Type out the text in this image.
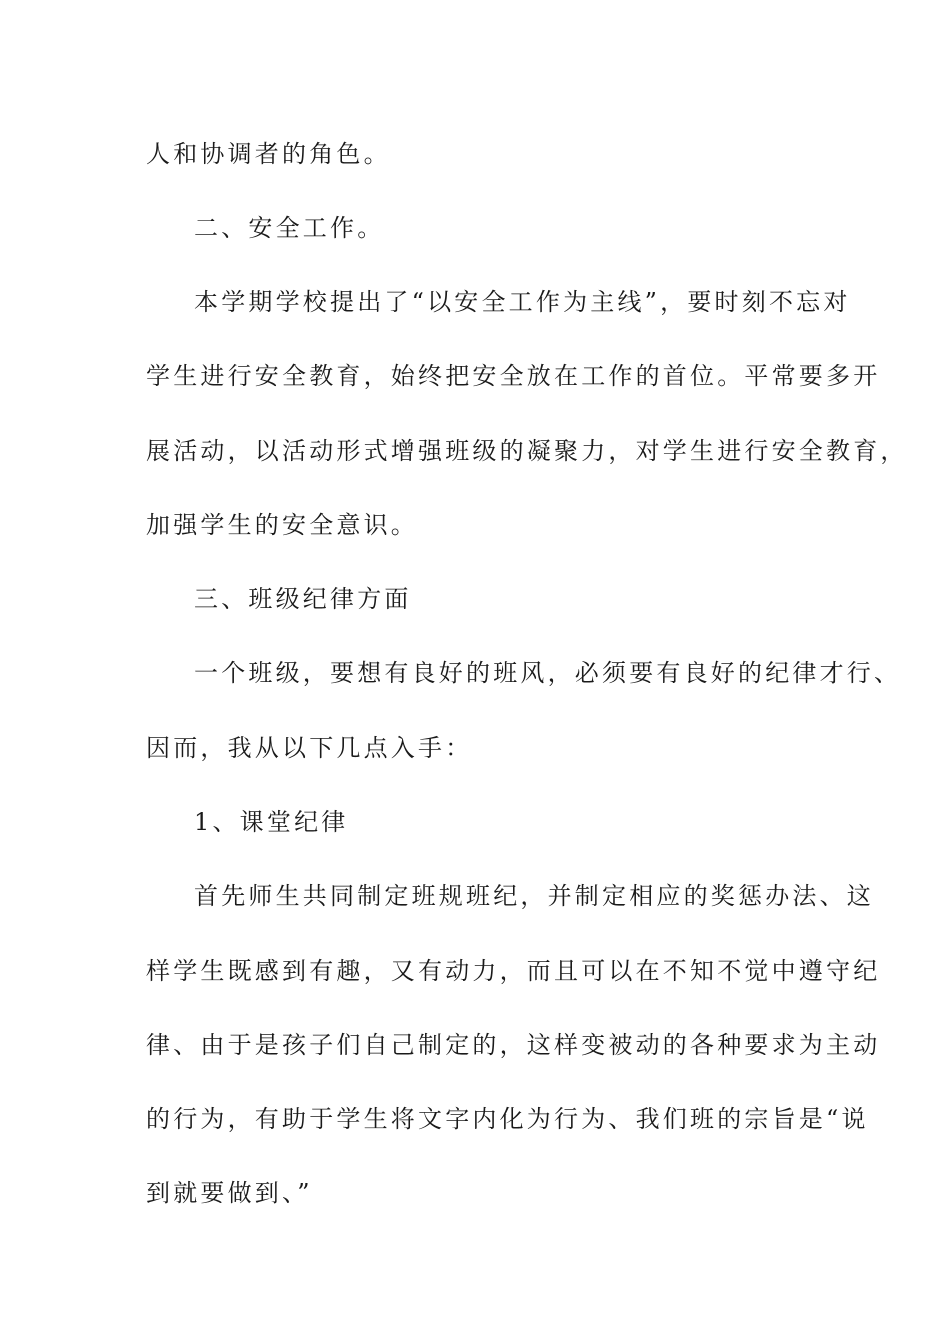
人和协调者的角色。
二、安全工作。
本学期学校提出了“以安全工作为主线”，要时刻不忘对
学生进行安全教育，始终把安全放在工作的首位。平常要多开
展活动，以活动形式增强班级的凝聚力，对学生进行安全教育，
加强学生的安全意识。
三、班级纪律方面
一个班级，要想有良好的班风，必须要有良好的纪律才行、
因而，我从以下几点入手：
1、课堂纪律
首先师生共同制定班规班纪，并制定相应的奖惩办法、这
样学生既感到有趣，又有动力，而且可以在不知不觉中遵守纪
律、由于是孩子们自己制定的，这样变被动的各种要求为主动
的行为，有助于学生将文字内化为行为、我们班的宗旨是“说
到就要做到、”
